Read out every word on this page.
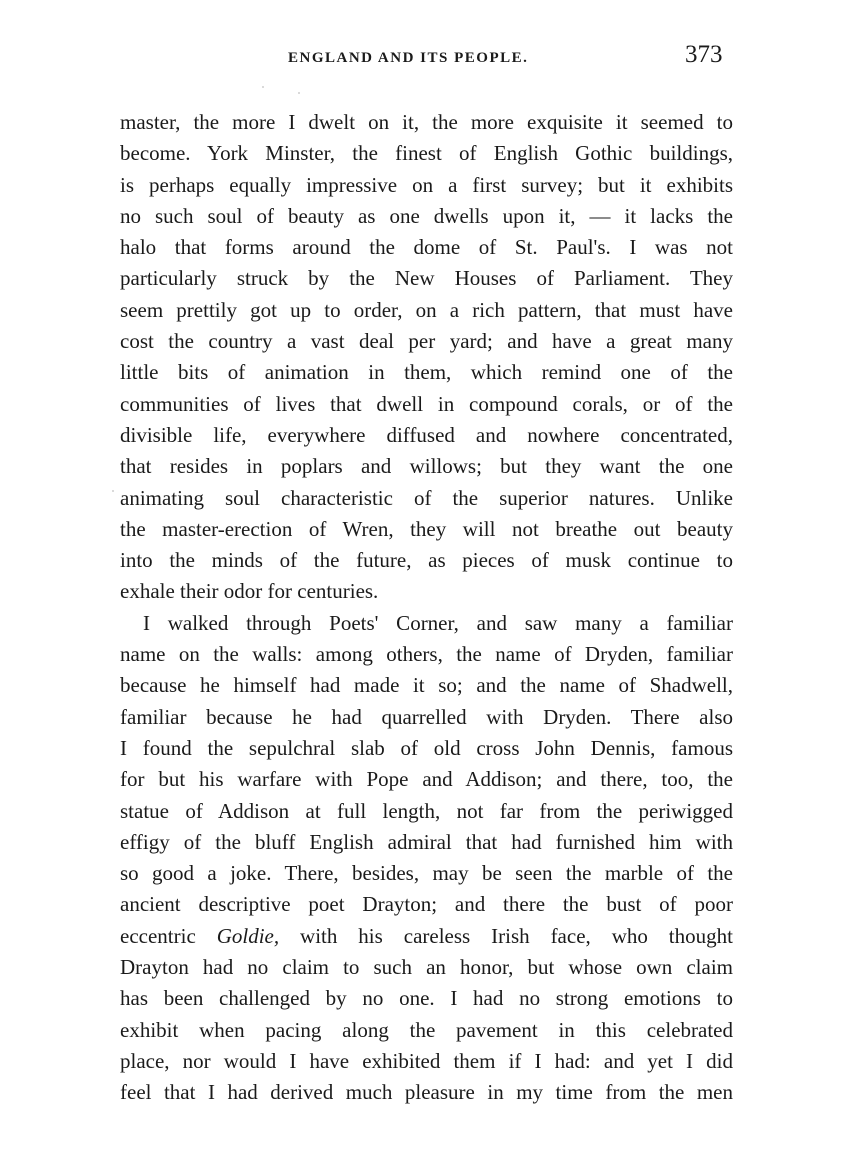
ENGLAND AND ITS PEOPLE.	373
master, the more I dwelt on it, the more exquisite it seemed to
become. York Minster, the finest of English Gothic buildings,
is perhaps equally impressive on a first survey; but it exhibits
no such soul of beauty as one dwells upon it, — it lacks the
halo that forms around the dome of St. Paul's. I was not
particularly struck by the New Houses of Parliament. They
seem prettily got up to order, on a rich pattern, that must have
cost the country a vast deal per yard; and have a great many
little bits of animation in them, which remind one of the
communities of lives that dwell in compound corals, or of the
divisible life, everywhere diffused and nowhere concentrated,
that resides in poplars and willows; but they want the one
animating soul characteristic of the superior natures. Unlike
the master-erection of Wren, they will not breathe out beauty
into the minds of the future, as pieces of musk continue to
exhale their odor for centuries.
I walked through Poets' Corner, and saw many a familiar
name on the walls: among others, the name of Dryden, familiar
because he himself had made it so; and the name of Shadwell,
familiar because he had quarrelled with Dryden. There also
I found the sepulchral slab of old cross John Dennis, famous
for but his warfare with Pope and Addison; and there, too, the
statue of Addison at full length, not far from the periwigged
effigy of the bluff English admiral that had furnished him with
so good a joke. There, besides, may be seen the marble of the
ancient descriptive poet Drayton; and there the bust of poor
eccentric Goldie, with his careless Irish face, who thought
Drayton had no claim to such an honor, but whose own claim
has been challenged by no one. I had no strong emotions to
exhibit when pacing along the pavement in this celebrated
place, nor would I have exhibited them if I had: and yet I did
feel that I had derived much pleasure in my time from the men
